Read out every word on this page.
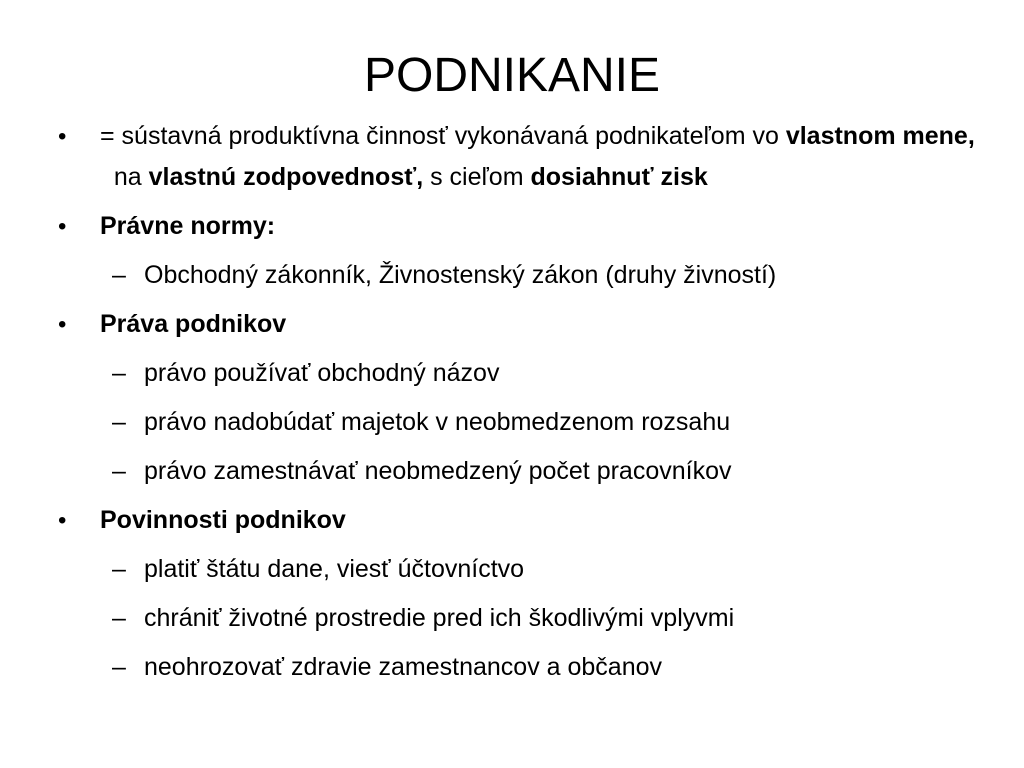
PODNIKANIE
•	= sústavná produktívna činnosť vykonávaná podnikateľom vo vlastnom mene,  na vlastnú zodpovednosť, s cieľom dosiahnuť zisk
•	Právne normy:
– Obchodný zákonník, Živnostenský zákon (druhy živností)
•	Práva podnikov
– právo používať obchodný názov
– právo nadobúdať majetok v neobmedzenom rozsahu
– právo zamestnávať neobmedzený počet pracovníkov
•	Povinnosti podnikov
– platiť štátu dane, viesť účtovníctvo
– chrániť životné prostredie pred ich škodlivými vplyvmi
– neohrozovať zdravie zamestnancov a občanov
